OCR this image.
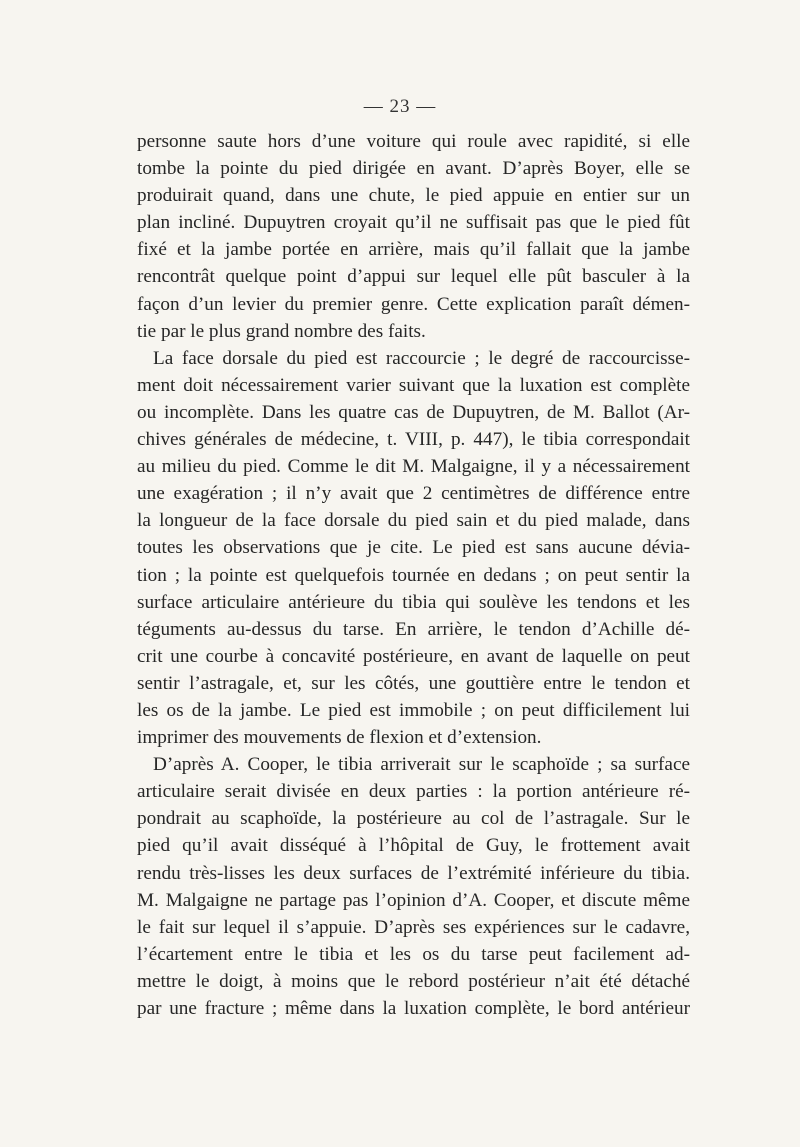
— 23 —
personne saute hors d’une voiture qui roule avec rapidité, si elle
tombe la pointe du pied dirigée en avant. D’après Boyer, elle se
produirait quand, dans une chute, le pied appuie en entier sur un
plan incliné. Dupuytren croyait qu’il ne suffisait pas que le pied fût
fixé et la jambe portée en arrière, mais qu’il fallait que la jambe
rencontrât quelque point d’appui sur lequel elle pût basculer à la
façon d’un levier du premier genre. Cette explication paraît démen-
tie par le plus grand nombre des faits.
La face dorsale du pied est raccourcie ; le degré de raccourcisse-
ment doit nécessairement varier suivant que la luxation est complète
ou incomplète. Dans les quatre cas de Dupuytren, de M. Ballot (Ar-
chives générales de médecine, t. VIII, p. 447), le tibia correspondait
au milieu du pied. Comme le dit M. Malgaigne, il y a nécessairement
une exagération ; il n’y avait que 2 centimètres de différence entre
la longueur de la face dorsale du pied sain et du pied malade, dans
toutes les observations que je cite. Le pied est sans aucune dévia-
tion ; la pointe est quelquefois tournée en dedans ; on peut sentir la
surface articulaire antérieure du tibia qui soulève les tendons et les
téguments au-dessus du tarse. En arrière, le tendon d’Achille dé-
crit une courbe à concavité postérieure, en avant de laquelle on peut
sentir l’astragale, et, sur les côtés, une gouttière entre le tendon et
les os de la jambe. Le pied est immobile ; on peut difficilement lui
imprimer des mouvements de flexion et d’extension.
D’après A. Cooper, le tibia arriverait sur le scaphoïde ; sa surface
articulaire serait divisée en deux parties : la portion antérieure ré-
pondrait au scaphoïde, la postérieure au col de l’astragale. Sur le
pied qu’il avait disséqué à l’hôpital de Guy, le frottement avait
rendu très-lisses les deux surfaces de l’extrémité inférieure du tibia.
M. Malgaigne ne partage pas l’opinion d’A. Cooper, et discute même
le fait sur lequel il s’appuie. D’après ses expériences sur le cadavre,
l’écartement entre le tibia et les os du tarse peut facilement ad-
mettre le doigt, à moins que le rebord postérieur n’ait été détaché
par une fracture ; même dans la luxation complète, le bord antérieur
